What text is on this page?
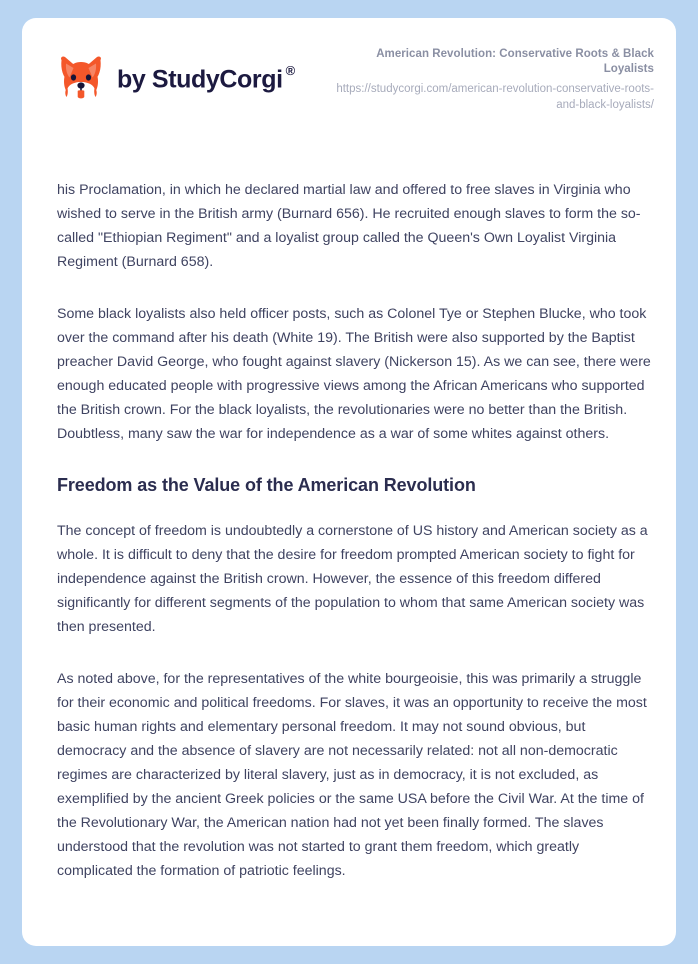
by StudyCorgi ®
American Revolution: Conservative Roots & Black Loyalists
https://studycorgi.com/american-revolution-conservative-roots-and-black-loyalists/

his Proclamation, in which he declared martial law and offered to free slaves in Virginia who wished to serve in the British army (Burnard 656). He recruited enough slaves to form the so-called "Ethiopian Regiment" and a loyalist group called the Queen's Own Loyalist Virginia Regiment (Burnard 658).

Some black loyalists also held officer posts, such as Colonel Tye or Stephen Blucke, who took over the command after his death (White 19). The British were also supported by the Baptist preacher David George, who fought against slavery (Nickerson 15). As we can see, there were enough educated people with progressive views among the African Americans who supported the British crown. For the black loyalists, the revolutionaries were no better than the British. Doubtless, many saw the war for independence as a war of some whites against others.

Freedom as the Value of the American Revolution

The concept of freedom is undoubtedly a cornerstone of US history and American society as a whole. It is difficult to deny that the desire for freedom prompted American society to fight for independence against the British crown. However, the essence of this freedom differed significantly for different segments of the population to whom that same American society was then presented.

As noted above, for the representatives of the white bourgeoisie, this was primarily a struggle for their economic and political freedoms. For slaves, it was an opportunity to receive the most basic human rights and elementary personal freedom. It may not sound obvious, but democracy and the absence of slavery are not necessarily related: not all non-democratic regimes are characterized by literal slavery, just as in democracy, it is not excluded, as exemplified by the ancient Greek policies or the same USA before the Civil War. At the time of the Revolutionary War, the American nation had not yet been finally formed. The slaves understood that the revolution was not started to grant them freedom, which greatly complicated the formation of patriotic feelings.
